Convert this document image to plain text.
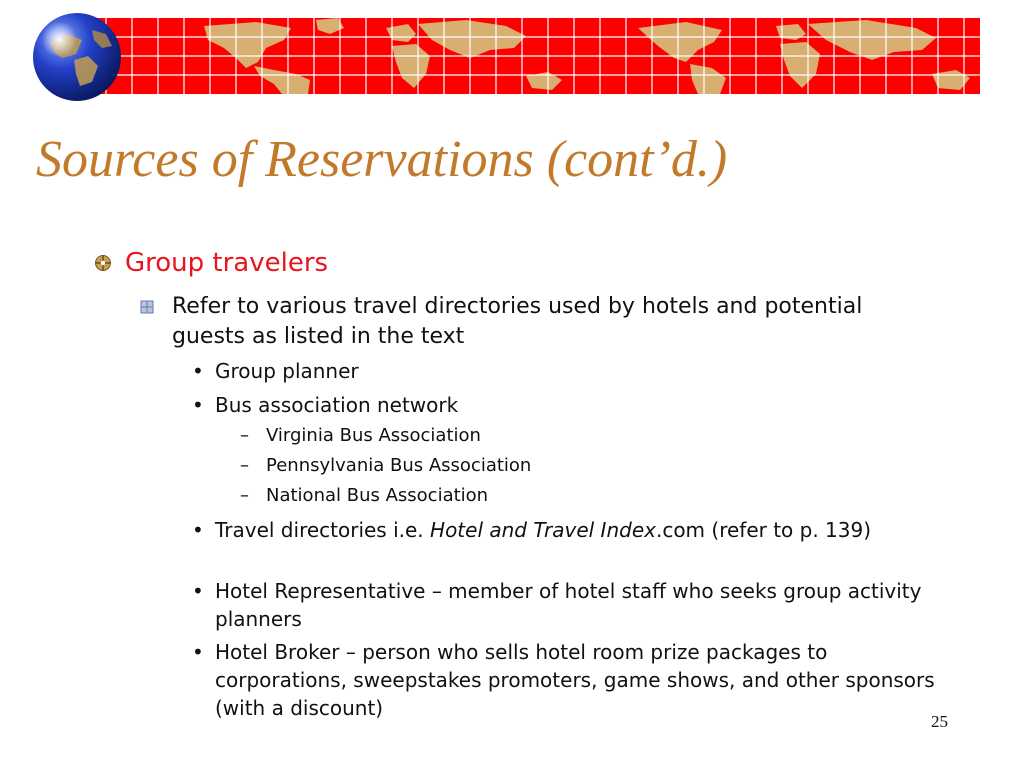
Sources of Reservations (cont’d.)
Group travelers
Refer to various travel directories used by hotels and potential guests as listed in the text
• Group planner
• Bus association network
– Virginia Bus Association
– Pennsylvania Bus Association
– National Bus Association
• Travel directories i.e. Hotel and Travel Index.com (refer to p. 139)
• Hotel Representative – member of hotel staff who seeks group activity planners
• Hotel Broker – person who sells hotel room prize packages to corporations, sweepstakes promoters, game shows, and other sponsors (with a discount)
25
